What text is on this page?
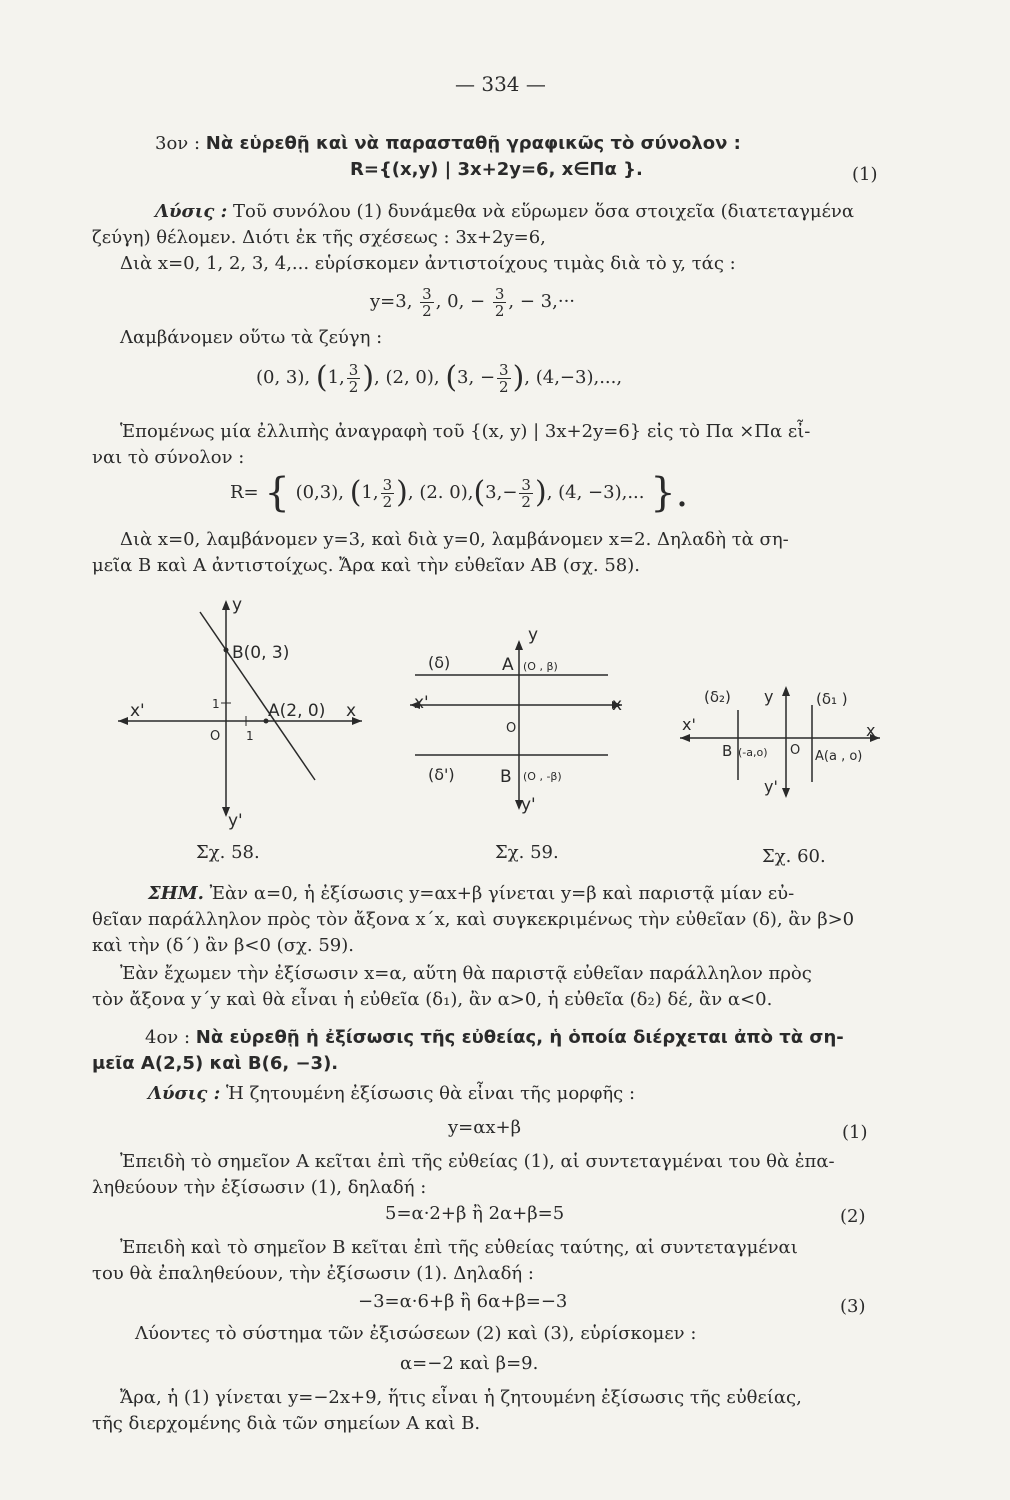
— 334 —
3ον : Νὰ εὑρεθῇ καὶ νὰ παρασταθῇ γραφικῶς τὸ σύνολον :
R={(x,y) | 3x+2y=6, x∈Πα }.	(1)
Λύσις : Τοῦ συνόλου (1) δυνάμεθα νὰ εὕρωμεν ὅσα στοιχεῖα (διατεταγμένα
ζεύγη) θέλομεν. Διότι ἐκ τῆς σχέσεως : 3x+2y=6,
Διὰ x=0, 1, 2, 3, 4,... εὑρίσκομεν ἀντιστοίχους τιμὰς διὰ τὸ y, τάς :
y=3, $\frac{3}{2}$ , 0, − $\frac{3}{2}$ , − 3,···
Λαμβάνομεν οὕτω τὰ ζεύγη :
(0, 3), (1, $\frac{3}{2}$ ), (2, 0), (3, − $\frac{3}{2}$ ), (4,−3),...,
Ἑπομένως μία ἐλλιπὴς ἀναγραφὴ τοῦ {(x, y) | 3x+2y=6} εἰς τὸ Πα ×Πα εἶ-
ναι τὸ σύνολον :
R= { (0,3), (1, $\frac{3}{2}$ ), (2. $0),(3,- \frac{3}{2}$ ), (4, −3),... }.
Διὰ x=0, λαμβάνομεν y=3, καὶ διὰ y=0, λαμβάνομεν x=2. Δηλαδὴ τὰ ση-
μεῖα B καὶ A ἀντιστοίχως. Ἄρα καὶ τὴν εὐθεῖαν AB (σχ. 58).
y
y'
x
x'
B(0, 3)
A(2, 0)
O
1
1
y
y'
x
x'
(δ)
(δ')
A (O , β)
B (O , -β)
O
(δ₂)	(δ₁ )
y
y'
x
x'
B (-a,o) O A(a , o)
Σχ. 58.	Σχ. 59.	Σχ. 60.
ΣΗΜ. Ἐὰν α=0, ἡ ἐξίσωσις y=αx+β γίνεται y=β καὶ παριστᾷ μίαν εὐ-
θεῖαν παράλληλον πρὸς τὸν ἄξονα x΄x, καὶ συγκεκριμένως τὴν εὐθεῖαν (δ), ἂν β>0
καὶ τὴν (δ΄) ἂν β<0 (σχ. 59).
Ἐὰν ἔχωμεν τὴν ἐξίσωσιν x=α, αὕτη θὰ παριστᾷ εὐθεῖαν παράλληλον πρὸς
τὸν ἄξονα y΄y καὶ θὰ εἶναι ἡ εὐθεῖα (δ₁), ἂν α>0, ἡ εὐθεῖα (δ₂) δέ, ἂν α<0.
4ον : Νὰ εὑρεθῇ ἡ ἐξίσωσις τῆς εὐθείας, ἡ ὁποία διέρχεται ἀπὸ τὰ ση-
μεῖα A(2,5) καὶ B(6, −3).
Λύσις : Ἡ ζητουμένη ἐξίσωσις θὰ εἶναι τῆς μορφῆς :
y=αx+β	(1)
Ἐπειδὴ τὸ σημεῖον A κεῖται ἐπὶ τῆς εὐθείας (1), αἱ συντεταγμέναι του θὰ ἐπα-
ληθεύουν τὴν ἐξίσωσιν (1), δηλαδή :
5=α·2+β ἢ 2α+β=5	(2)
Ἐπειδὴ καὶ τὸ σημεῖον B κεῖται ἐπὶ τῆς εὐθείας ταύτης, αἱ συντεταγμέναι
του θὰ ἐπαληθεύουν, τὴν ἐξίσωσιν (1). Δηλαδή :
−3=α·6+β ἢ 6α+β=−3	(3)
Λύοντες τὸ σύστημα τῶν ἐξισώσεων (2) καὶ (3), εὑρίσκομεν :
α=−2 καὶ β=9.
Ἄρα, ἡ (1) γίνεται y=−2x+9, ἥτις εἶναι ἡ ζητουμένη ἐξίσωσις τῆς εὐθείας,
τῆς διερχομένης διὰ τῶν σημείων A καὶ B.
